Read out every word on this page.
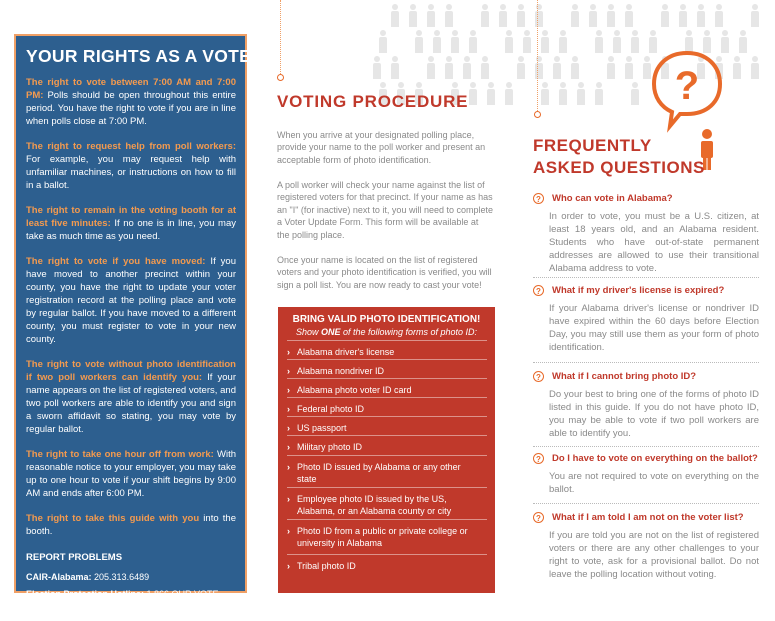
YOUR RIGHTS AS A VOTER

The right to vote between 7:00 AM and 7:00 PM: Polls should be open throughout this entire period. You have the right to vote if you are in line when polls close at 7:00 PM.

The right to request help from poll workers: For example, you may request help with unfamiliar machines, or instructions on how to fill in a ballot.

The right to remain in the voting booth for at least five minutes: If no one is in line, you may take as much time as you need.

The right to vote if you have moved: If you have moved to another precinct within your county, you have the right to update your voter registration record at the polling place and vote by regular ballot. If you have moved to a different county, you must register to vote in your new county.

The right to vote without photo identification if two poll workers can identify you: If your name appears on the list of registered voters, and two poll workers are able to identify you and sign a sworn affidavit so stating, you may vote by regular ballot.

The right to take one hour off from work: With reasonable notice to your employer, you may take up to one hour to vote if your shift begins by 9:00 AM and ends after 6:00 PM.

The right to take this guide with you into the booth.

REPORT PROBLEMS
CAIR-Alabama: 205.313.6489
Election Protection Hotline: 1.866.OUR.VOTE
Alabama Secretary of State: 334.242.7210
VOTING PROCEDURE

When you arrive at your designated polling place, provide your name to the poll worker and present an acceptable form of photo identification.

A poll worker will check your name against the list of registered voters for that precinct. If your name as has an "I" (for inactive) next to it, you will need to complete a Voter Update Form. This form will be available at the polling place.

Once your name is located on the list of registered voters and your photo identification is verified, you will sign a poll list. You are now ready to cast your vote!

BRING VALID PHOTO IDENTIFICATION!
Show ONE of the following forms of photo ID:
› Alabama driver's license
› Alabama nondriver ID
› Alabama photo voter ID card
› Federal photo ID
› US passport
› Military photo ID
› Photo ID issued by Alabama or any other state
› Employee photo ID issued by the US, Alabama, or an Alabama county or city
› Photo ID from a public or private college or university in Alabama
› Tribal photo ID
?
FREQUENTLY
ASKED QUESTIONS
? Who can vote in Alabama?

In order to vote, you must be a U.S. citizen, at least 18 years old, and an Alabama resident. Students who have out-of-state permanent addresses are allowed to use their transitional Alabama address to vote.

? What if my driver's license is expired?

If your Alabama driver's license or nondriver ID have expired within the 60 days before Election Day, you may still use them as your form of photo identification.

? What if I cannot bring photo ID?

Do your best to bring one of the forms of photo ID listed in this guide. If you do not have photo ID, you may be able to vote if two poll workers are able to identify you.

? Do I have to vote on everything on the ballot?

You are not required to vote on everything on the ballot.

? What if I am told I am not on the voter list?

If you are told you are not on the list of registered voters or there are any other challenges to your right to vote, ask for a provisional ballot. Do not leave the polling location without voting.
